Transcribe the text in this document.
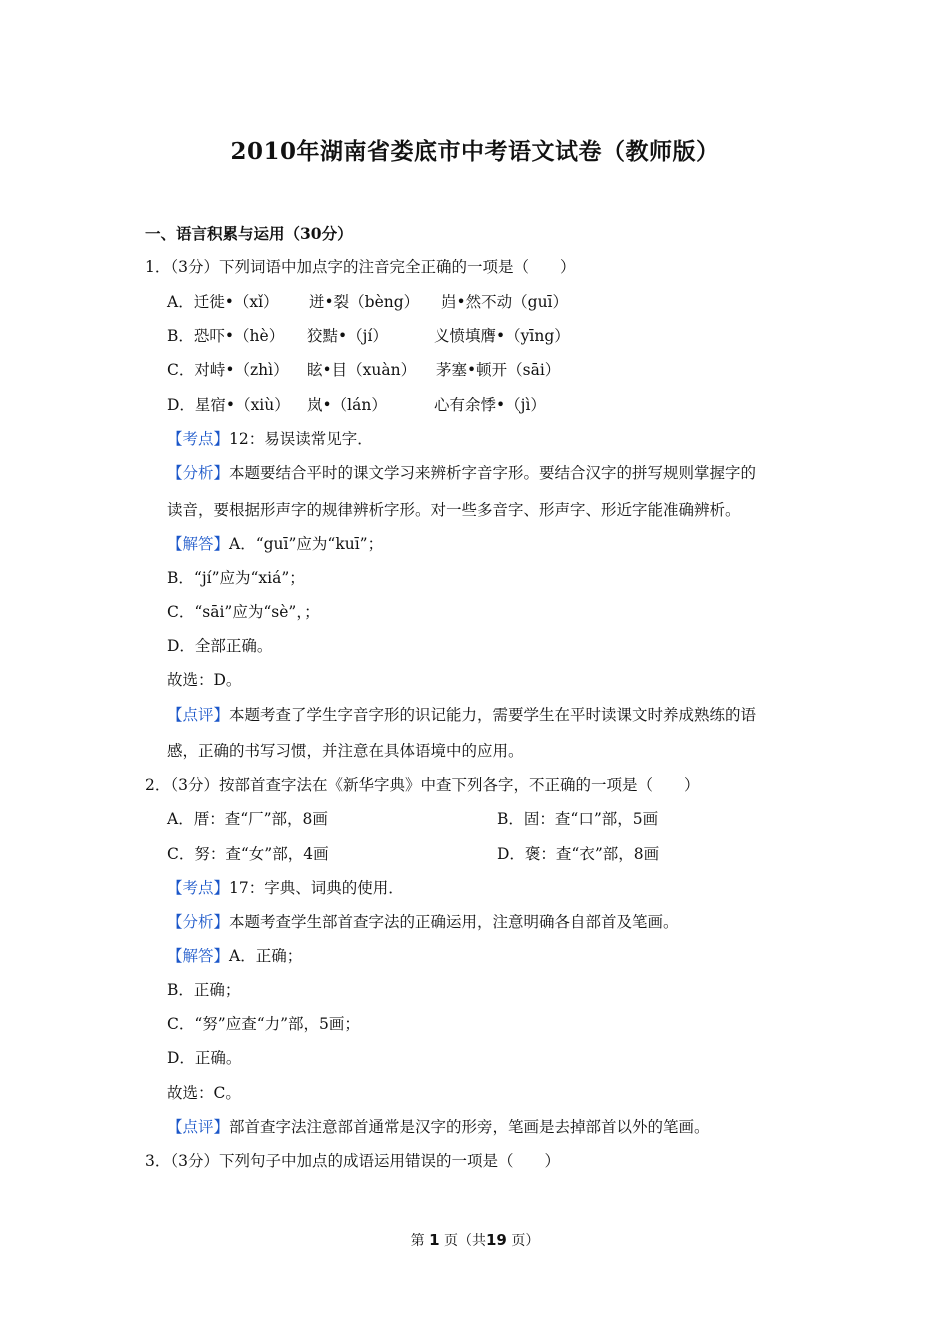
2010年湖南省娄底市中考语文试卷（教师版）
一、语言积累与运用（30分）
1．（3分）下列词语中加点字的注音完全正确的一项是（　　）
A．迁徙•（xǐ） 迸•裂（bèng） 岿•然不动（guī）
B．恐吓•（hè） 狡黠•（jí）	义愤填膺•（yīng）
C．对峙•（zhì） 眩•目（xuàn） 茅塞•顿开（sāi）
D．星宿•（xiù） 岚•（lán）	心有余悸•（jì）
【考点】12：易误读常见字．
【分析】本题要结合平时的课文学习来辨析字音字形。要结合汉字的拼写规则掌握字的
读音，要根据形声字的规律辨析字形。对一些多音字、形声字、形近字能准确辨析。
【解答】A．“guī”应为“kuī”；
B．“jí”应为“xiá”；
C．“sāi”应为“sè”，；
D．全部正确。
故选：D。
【点评】本题考查了学生字音字形的识记能力，需要学生在平时读课文时养成熟练的语
感，正确的书写习惯，并注意在具体语境中的应用。
2．（3分）按部首查字法在《新华字典》中查下列各字，不正确的一项是（　　）
A．厝：查“厂”部，8画	B．固：查“口”部，5画
C．努：查“女”部，4画	D．褒：查“衣”部，8画
【考点】17：字典、词典的使用．
【分析】本题考查学生部首查字法的正确运用，注意明确各自部首及笔画。
【解答】A．正确；
B．正确；
C．“努”应查“力”部，5画；
D．正确。
故选：C。
【点评】部首查字法注意部首通常是汉字的形旁，笔画是去掉部首以外的笔画。
3．（3分）下列句子中加点的成语运用错误的一项是（　　）
第 1 页（共19 页）
